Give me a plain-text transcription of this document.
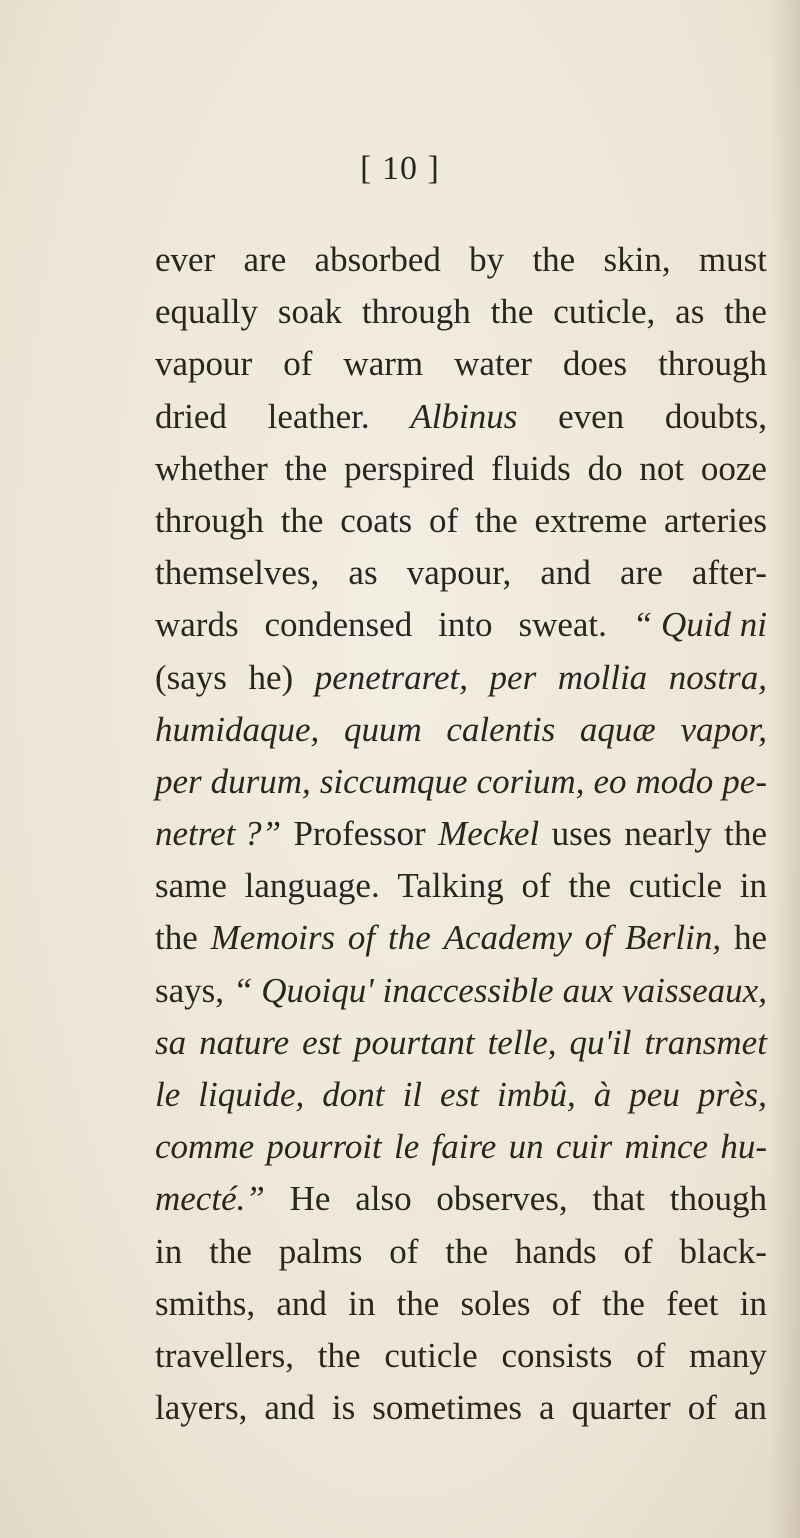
[ 10 ]
ever are absorbed by the skin, must
equally soak through the cuticle, as the
vapour of warm water does through
dried leather. Albinus even doubts,
whether the perspired fluids do not ooze
through the coats of the extreme arteries
themselves, as vapour, and are after-
wards condensed into sweat. “ Quid ni
(says he) penetraret, per mollia nostra,
humidaque, quum calentis aquæ vapor,
per durum, siccumque corium, eo modo pe-
netret ?” Professor Meckel uses nearly the
same language. Talking of the cuticle in
the Memoirs of the Academy of Berlin, he
says, “ Quoiqu' inaccessible aux vaisseaux,
sa nature est pourtant telle, qu'il transmet
le liquide, dont il est imbû, à peu près,
comme pourroit le faire un cuir mince hu-
mecté.” He also observes, that though
in the palms of the hands of black-
smiths, and in the soles of the feet in
travellers, the cuticle consists of many
layers, and is sometimes a quarter of an
